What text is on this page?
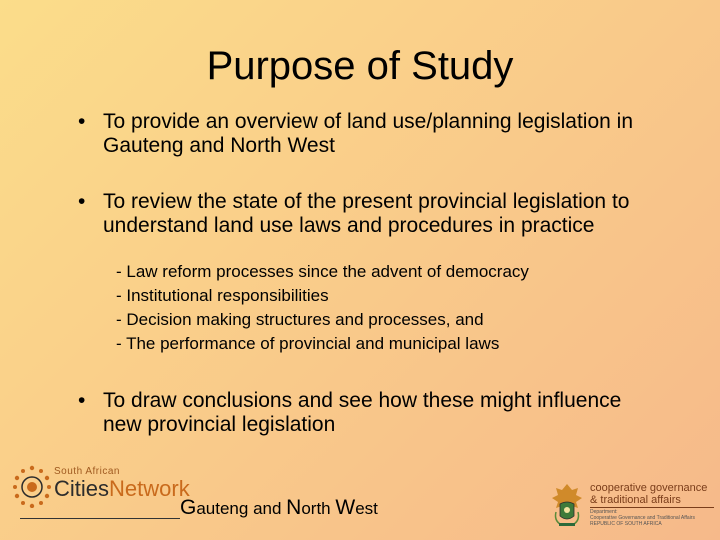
Purpose of Study
• To provide an overview of land use/planning legislation in Gauteng and North West
• To review the state of the present provincial legislation to understand land use laws and procedures in practice
- Law reform processes since the advent of democracy
- Institutional responsibilities
- Decision making structures and processes, and
- The performance of provincial and municipal laws
• To draw conclusions and see how these might influence new provincial legislation
South African
CitiesNetwork
Gauteng and North West
cooperative governance
& traditional affairs
Department:
Cooperative Governance and Traditional Affairs
REPUBLIC OF SOUTH AFRICA
